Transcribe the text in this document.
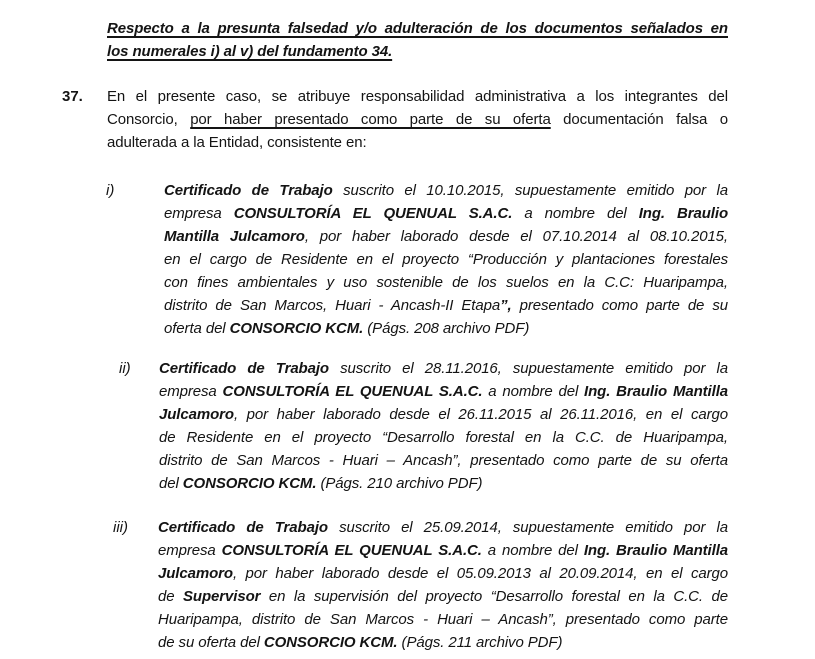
Respecto a la presunta falsedad y/o adulteración de los documentos señalados en
los numerales i) al v) del fundamento 34.
37. En el presente caso, se atribuye responsabilidad administrativa a los integrantes del
Consorcio, por haber presentado como parte de su oferta documentación falsa o
adulterada a la Entidad, consistente en:
i)	Certificado de Trabajo suscrito el 10.10.2015, supuestamente emitido por la
empresa CONSULTORÍA EL QUENUAL S.A.C. a nombre del Ing. Braulio
Mantilla Julcamoro, por haber laborado desde el 07.10.2014 al 08.10.2015,
en el cargo de Residente en el proyecto “Producción y plantaciones forestales
con fines ambientales y uso sostenible de los suelos en la C.C: Huaripampa,
distrito de San Marcos, Huari - Ancash-II Etapa”, presentado como parte de su
oferta del CONSORCIO KCM. (Págs. 208 archivo PDF)
ii) Certificado de Trabajo suscrito el 28.11.2016, supuestamente emitido por la
empresa CONSULTORÍA EL QUENUAL S.A.C. a nombre del Ing. Braulio Mantilla
Julcamoro, por haber laborado desde el 26.11.2015 al 26.11.2016, en el cargo
de Residente en el proyecto “Desarrollo forestal en la C.C. de Huaripampa,
distrito de San Marcos - Huari – Ancash”, presentado como parte de su oferta
del CONSORCIO KCM. (Págs. 210 archivo PDF)
iii) Certificado de Trabajo suscrito el 25.09.2014, supuestamente emitido por la
empresa CONSULTORÍA EL QUENUAL S.A.C. a nombre del Ing. Braulio Mantilla
Julcamoro, por haber laborado desde el 05.09.2013 al 20.09.2014, en el cargo
de Supervisor en la supervisión del proyecto “Desarrollo forestal en la C.C. de
Huaripampa, distrito de San Marcos - Huari – Ancash”, presentado como parte
de su oferta del CONSORCIO KCM. (Págs. 211 archivo PDF)
